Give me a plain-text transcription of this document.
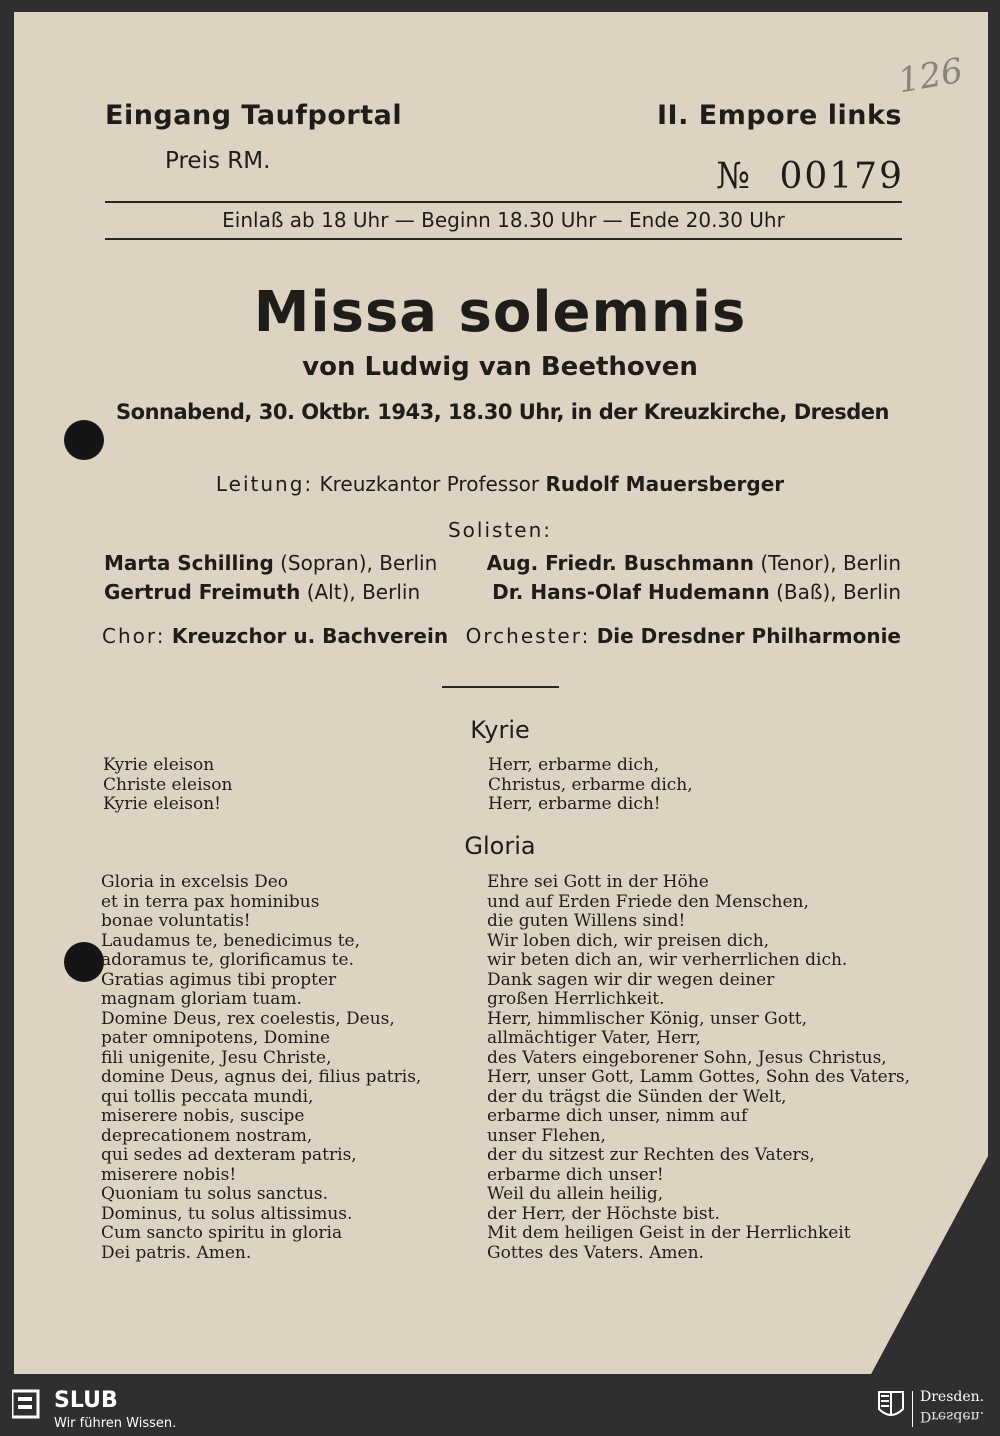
126
Eingang Taufportal	II. Empore links
Preis RM.	№ 00179
Einlaß ab 18 Uhr — Beginn 18.30 Uhr — Ende 20.30 Uhr
Missa solemnis
von Ludwig van Beethoven
Sonnabend, 30. Oktbr. 1943, 18.30 Uhr, in der Kreuzkirche, Dresden
Leitung: Kreuzkantor Professor Rudolf Mauersberger
Solisten:
Marta Schilling (Sopran), Berlin
Gertrud Freimuth (Alt), Berlin
Aug. Friedr. Buschmann (Tenor), Berlin
Dr. Hans-Olaf Hudemann (Baß), Berlin
Chor: Kreuzchor u. Bachverein Orchester: Die Dresdner Philharmonie
Kyrie
Kyrie eleison
Christe eleison
Kyrie eleison!
Herr, erbarme dich,
Christus, erbarme dich,
Herr, erbarme dich!
Gloria
Gloria in excelsis Deo
et in terra pax hominibus
bonae voluntatis!
Laudamus te, benedicimus te,
adoramus te, glorificamus te.
Gratias agimus tibi propter
magnam gloriam tuam.
Domine Deus, rex coelestis, Deus,
pater omnipotens, Domine
fili unigenite, Jesu Christe,
domine Deus, agnus dei, filius patris,
qui tollis peccata mundi,
miserere nobis, suscipe
deprecationem nostram,
qui sedes ad dexteram patris,
miserere nobis!
Quoniam tu solus sanctus.
Dominus, tu solus altissimus.
Cum sancto spiritu in gloria
Dei patris. Amen.
Ehre sei Gott in der Höhe
und auf Erden Friede den Menschen,
die guten Willens sind!
Wir loben dich, wir preisen dich,
wir beten dich an, wir verherrlichen dich.
Dank sagen wir dir wegen deiner
großen Herrlichkeit.
Herr, himmlischer König, unser Gott,
allmächtiger Vater, Herr,
des Vaters eingeborener Sohn, Jesus Christus,
Herr, unser Gott, Lamm Gottes, Sohn des Vaters,
der du trägst die Sünden der Welt,
erbarme dich unser, nimm auf
unser Flehen,
der du sitzest zur Rechten des Vaters,
erbarme dich unser!
Weil du allein heilig,
der Herr, der Höchste bist.
Mit dem heiligen Geist in der Herrlichkeit
Gottes des Vaters. Amen.
SLUB
Wir führen Wissen.
Dresden.
Dresden.
